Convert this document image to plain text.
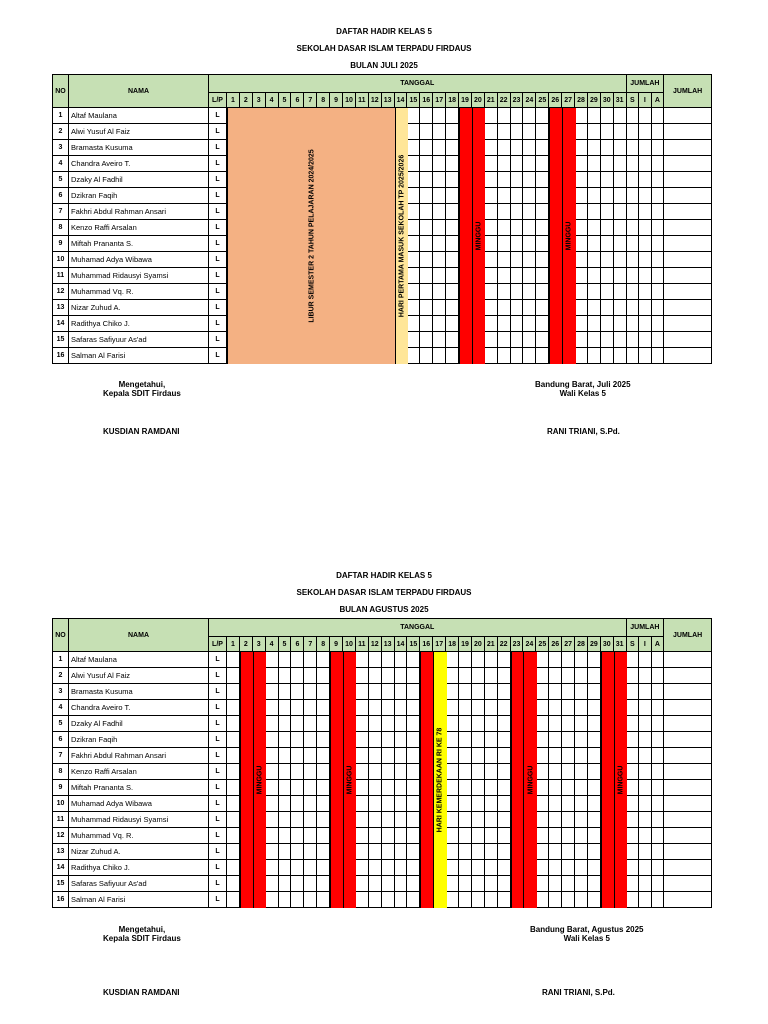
DAFTAR HADIR KELAS 5
SEKOLAH DASAR ISLAM TERPADU FIRDAUS
BULAN JULI 2025
NO	NAMA	TANGGAL																																JUMLAH			JUMLAH
		L/P	1	2	3	4	5	6	7	8	9	10	11	12	13	14	15	16	17	18	19	20	21	22	23	24	25	26	27	28	29	30	31	S	I	A	
1	Altaf Maulana	L																																			
2	Alwi Yusuf Al Faiz	L																																			
3	Bramasta Kusuma	L																																			
4	Chandra Aveiro T.	L																																			
5	Dzaky Al Fadhil	L																																			
6	Dzikran Faqih	L																																			
7	Fakhri Abdul Rahman Ansari	L																																			
8	Kenzo Raffi Arsalan	L																																			
9	Miftah Prananta S.	L																																			
10	Muhamad Adya Wibawa	L																																			
11	Muhammad Ridausyi Syamsi	L																																			
12	Muhammad Vq. R.	L																																			
13	Nizar Zuhud A.	L																																			
14	Radithya Chiko J.	L																																			
15	Safaras Safiyuur As'ad	L																																			
16	Salman Al Farisi	L																																			
LIBUR SEMESTER 2 TAHUN PELAJARAN 2024/2025	HARI PERTAMA MASUK SEKOLAH TP 2025/2026	MINGGU	MINGGU
Mengetahui,
Kepala SDIT Firdaus
KUSDIAN RAMDANI
Bandung Barat, Juli 2025
Wali Kelas 5
RANI TRIANI, S.Pd.
DAFTAR HADIR KELAS 5
SEKOLAH DASAR ISLAM TERPADU FIRDAUS
BULAN AGUSTUS 2025
NO	NAMA	TANGGAL																																JUMLAH			JUMLAH
		L/P	1	2	3	4	5	6	7	8	9	10	11	12	13	14	15	16	17	18	19	20	21	22	23	24	25	26	27	28	29	30	31	S	I	A	
1	Altaf Maulana	L																																			
2	Alwi Yusuf Al Faiz	L																																			
3	Bramasta Kusuma	L																																			
4	Chandra Aveiro T.	L																																			
5	Dzaky Al Fadhil	L																																			
6	Dzikran Faqih	L																																			
7	Fakhri Abdul Rahman Ansari	L																																			
8	Kenzo Raffi Arsalan	L																																			
9	Miftah Prananta S.	L																																			
10	Muhamad Adya Wibawa	L																																			
11	Muhammad Ridausyi Syamsi	L																																			
12	Muhammad Vq. R.	L																																			
13	Nizar Zuhud A.	L																																			
14	Radithya Chiko J.	L																																			
15	Safaras Safiyuur As'ad	L																																			
16	Salman Al Farisi	L																																			
MINGGU	MINGGU	HARI KEMERDEKAAN RI KE 78	MINGGU	MINGGU
Mengetahui,
Kepala SDIT Firdaus
KUSDIAN RAMDANI
Bandung Barat, Agustus 2025
Wali Kelas 5
RANI TRIANI, S.Pd.
